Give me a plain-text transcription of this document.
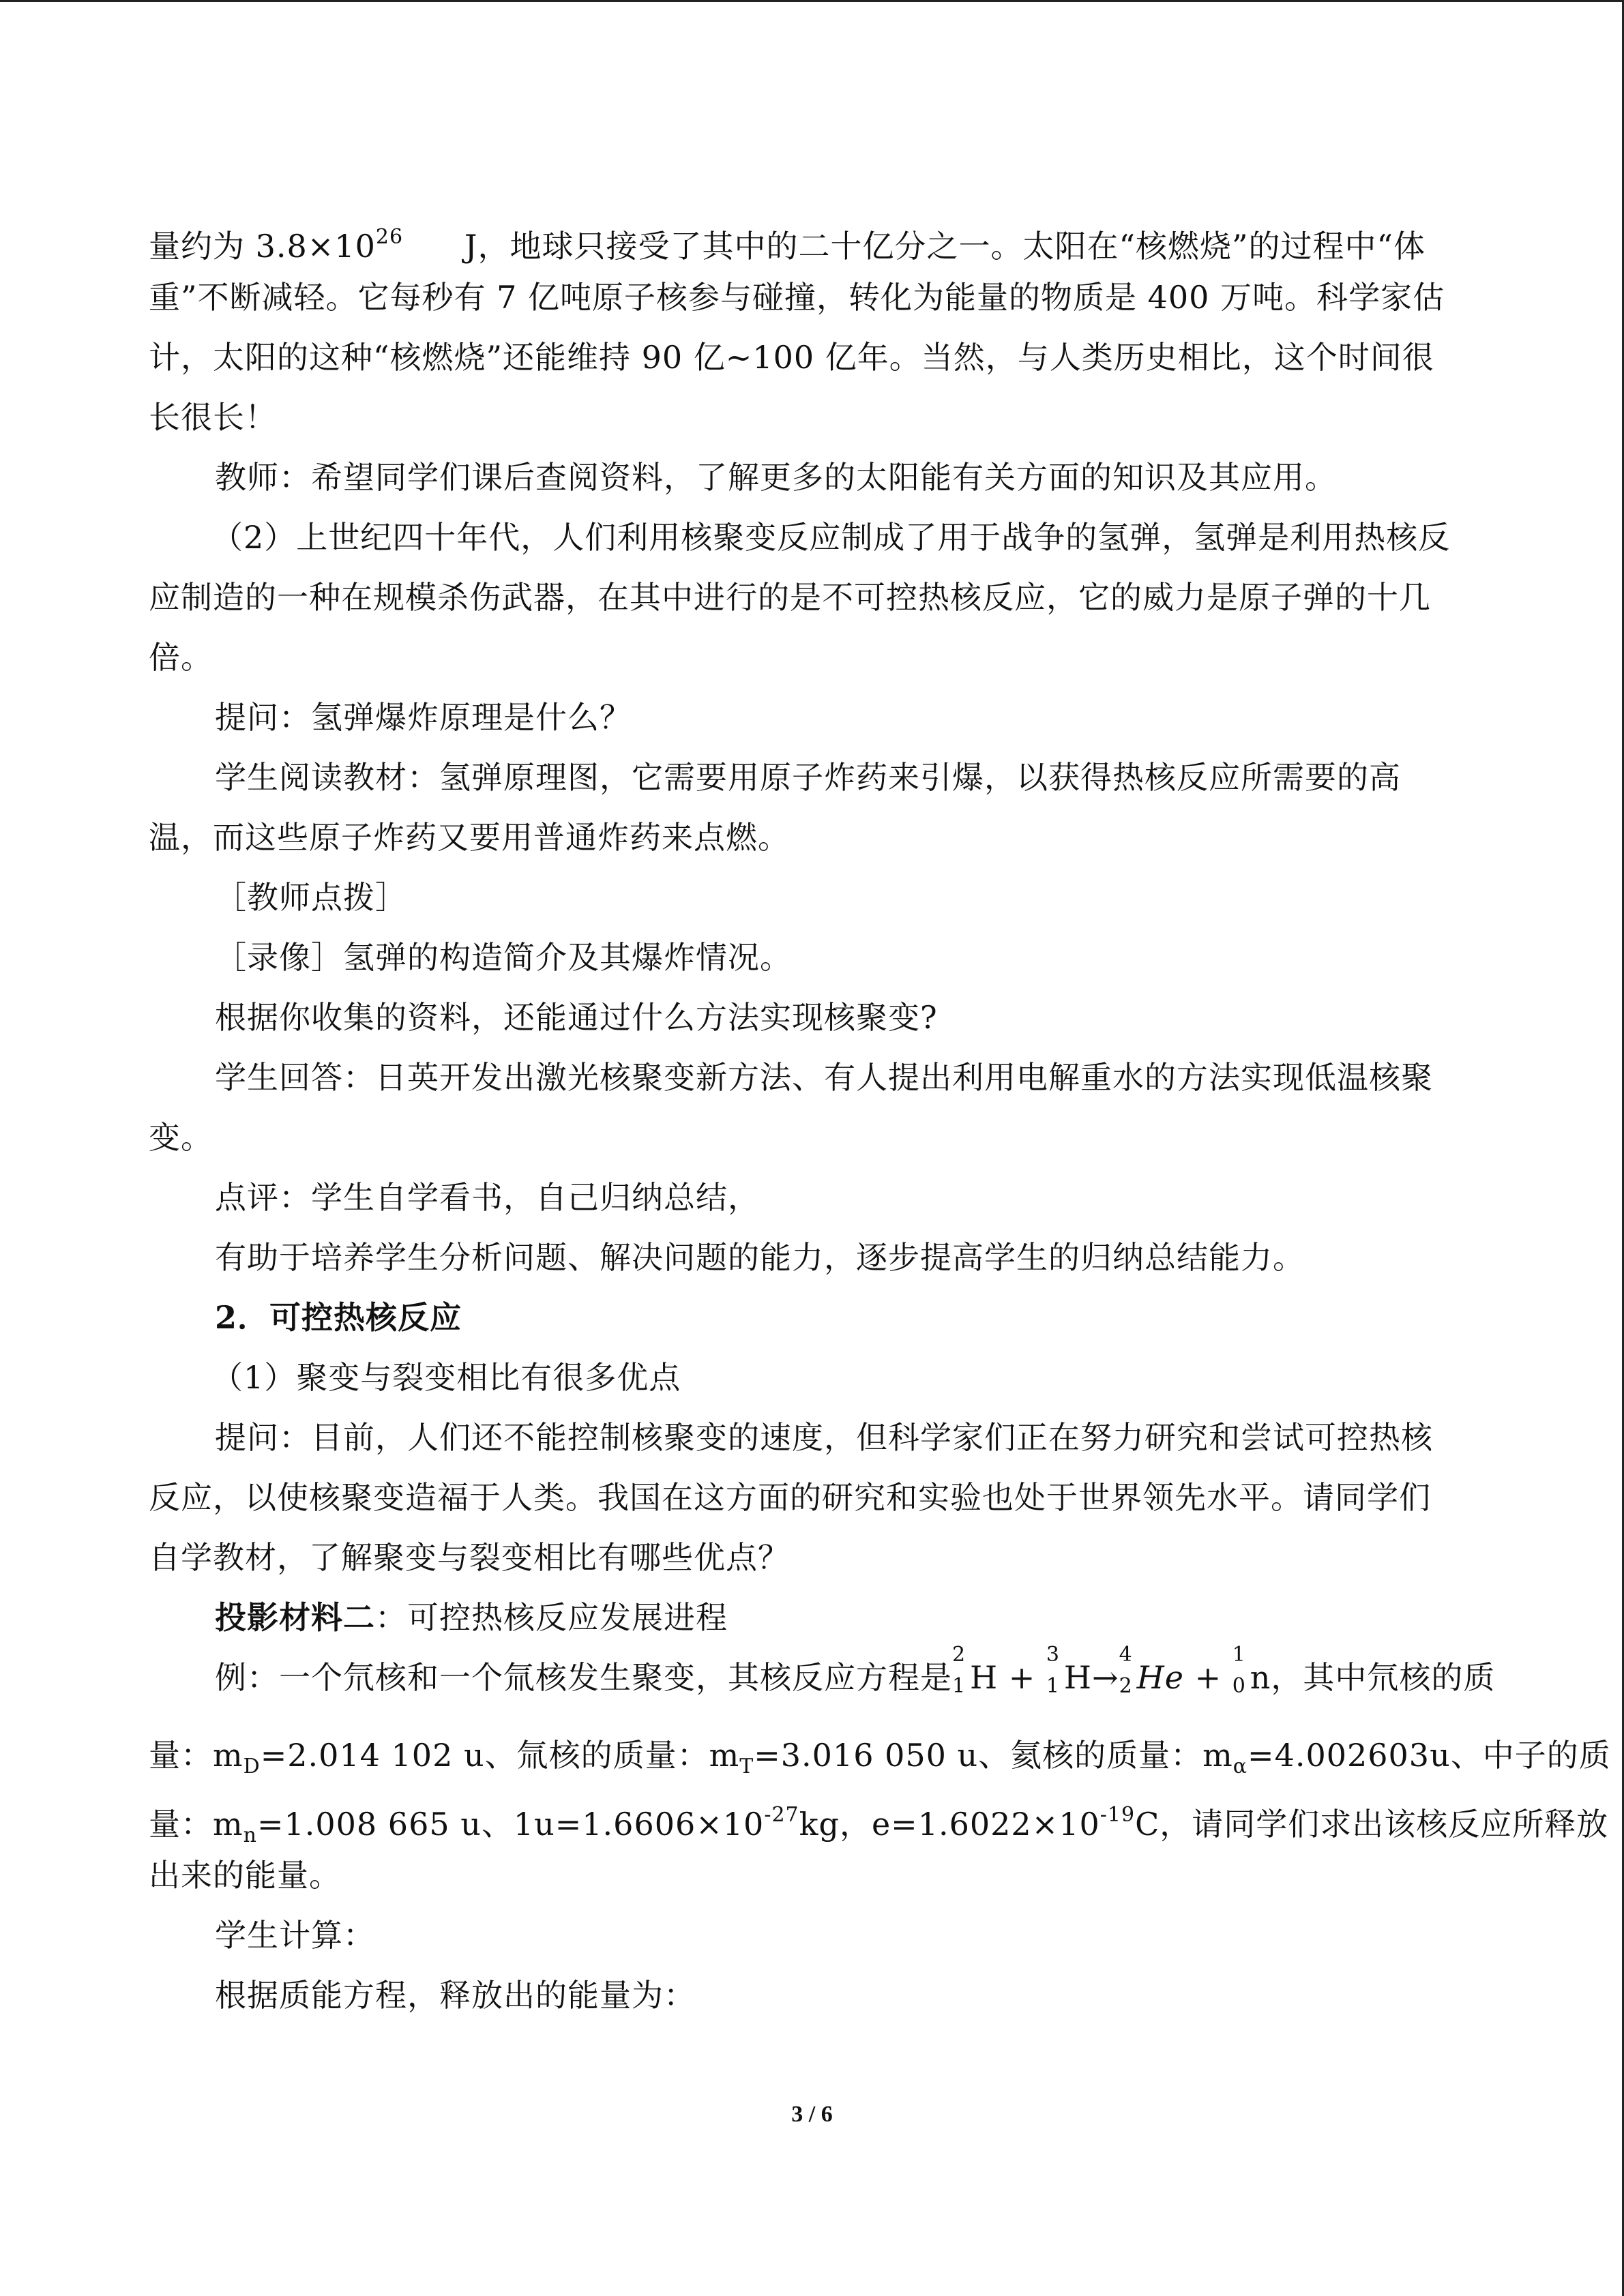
量约为 $3.8\times 10^{26}$ J，地球只接受了其中的二十亿分之一。太阳在“核燃烧”的过程中“体
重”不断减轻。它每秒有 7 亿吨原子核参与碰撞，转化为能量的物质是 400 万吨。科学家估
计，太阳的这种“核燃烧”还能维持 90 亿~100 亿年。当然，与人类历史相比，这个时间很
长很长！
教师：希望同学们课后查阅资料，了解更多的太阳能有关方面的知识及其应用。
（2）上世纪四十年代，人们利用核聚变反应制成了用于战争的氢弹，氢弹是利用热核反
应制造的一种在规模杀伤武器，在其中进行的是不可控热核反应，它的威力是原子弹的十几
倍。
提问：氢弹爆炸原理是什么？
学生阅读教材：氢弹原理图，它需要用原子炸药来引爆，以获得热核反应所需要的高
温，而这些原子炸药又要用普通炸药来点燃。
［教师点拨］
［录像］氢弹的构造简介及其爆炸情况。
根据你收集的资料，还能通过什么方法实现核聚变?
学生回答：日英开发出激光核聚变新方法、有人提出利用电解重水的方法实现低温核聚
变。
点评：学生自学看书，自己归纳总结，
有助于培养学生分析问题、解决问题的能力，逐步提高学生的归纳总结能力。
2．可控热核反应
（1）聚变与裂变相比有很多优点
提问：目前，人们还不能控制核聚变的速度，但科学家们正在努力研究和尝试可控热核
反应，以使核聚变造福于人类。我国在这方面的研究和实验也处于世界领先水平。请同学们
自学教材，了解聚变与裂变相比有哪些优点？
投影材料二：可控热核反应发展进程
例：一个氘核和一个氚核发生聚变，其核反应方程是
2
1 H +
3
1 H→
4
2 He +
1
0 n，其中氘核的质
量：$m_D=2.014$ 102 u、氚核的质量：$m_T=3.016$ 050 u、氦核的质量：$m_\alpha=4.002603u$、中子的质
量：$m_n=1.008$ 665 u、$1u=1.6606\times 10^{-27}kg$，$e=1.6022\times 10^{-19}C$，请同学们求出该核反应所释放
出来的能量。
学生计算：
根据质能方程，释放出的能量为：
3 / 6
